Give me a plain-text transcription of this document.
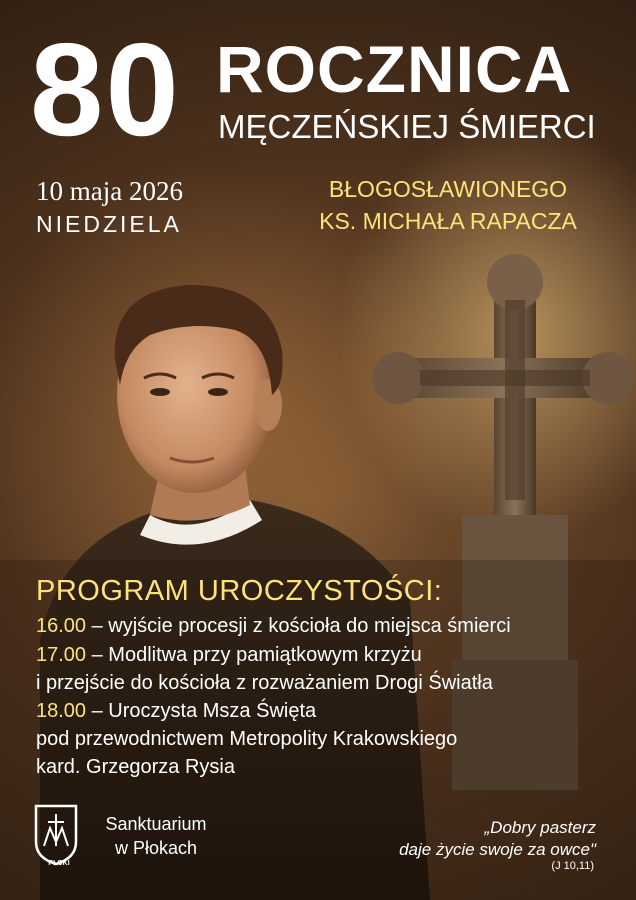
80 ROCZNICA
MĘCZEŃSKIEJ ŚMIERCI
10 maja 2026
NIEDZIELA
BŁOGOSŁAWIONEGO
KS. MICHAŁA RAPACZA
PROGRAM UROCZYSTOŚCI:
16.00 – wyjście procesji z kościoła do miejsca śmierci
17.00 – Modlitwa przy pamiątkowym krzyżu
i przejście do kościoła z rozważaniem Drogi Światła
18.00 – Uroczysta Msza Święta
pod przewodnictwem Metropolity Krakowskiego
kard. Grzegorza Rysia
PŁOKI
Sanktuarium
w Płokach
„Dobry pasterz
daje życie swoje za owce"
(J 10,11)
